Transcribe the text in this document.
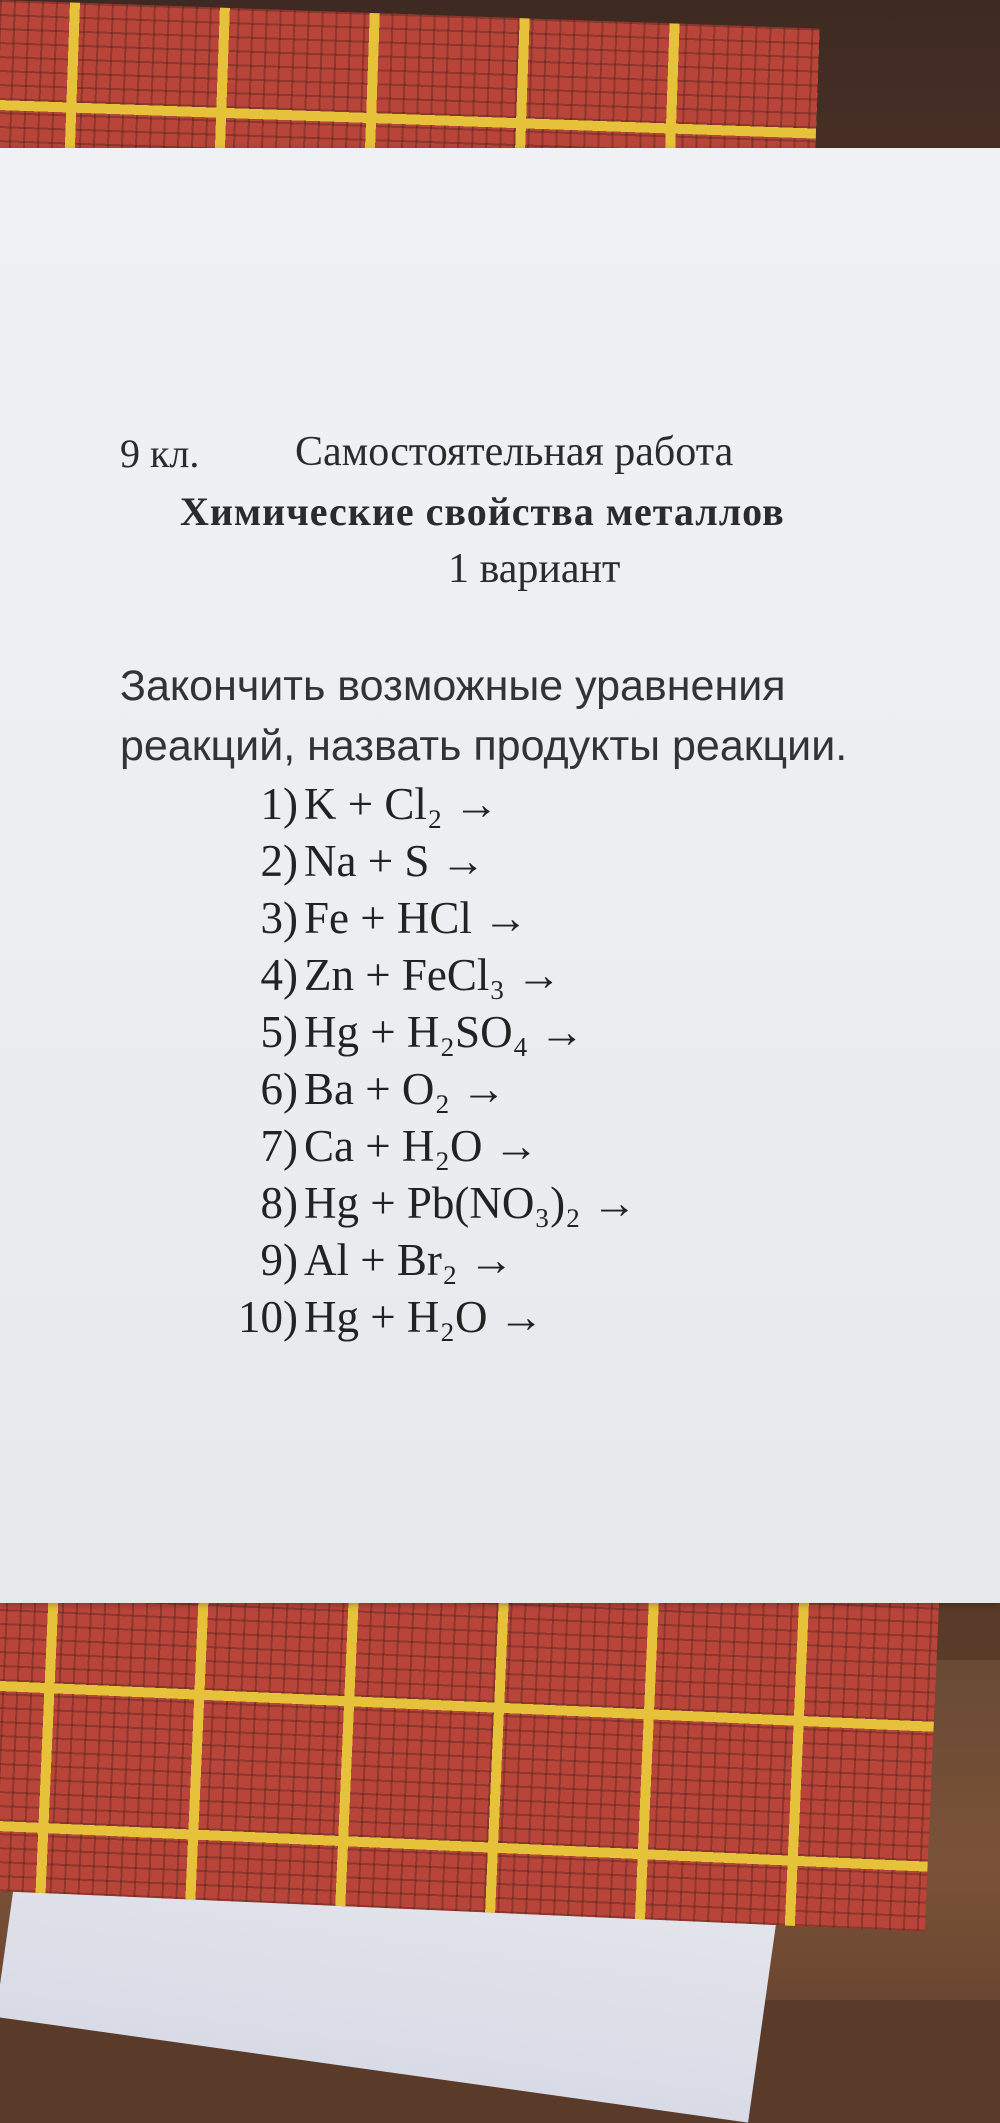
9 кл. Самостоятельная работа
Химические свойства металлов
1 вариант
Закончить возможные уравнения
реакций, назвать продукты реакции.
1) K + Cl₂ →
2) Na + S →
3) Fe + HCl →
4) Zn + FeCl₃ →
5) Hg + H₂SO₄ →
6) Ba + O₂ →
7) Ca + H₂O →
8) Hg + Pb(NO₃)₂ →
9) Al + Br₂ →
10) Hg + H₂O →
